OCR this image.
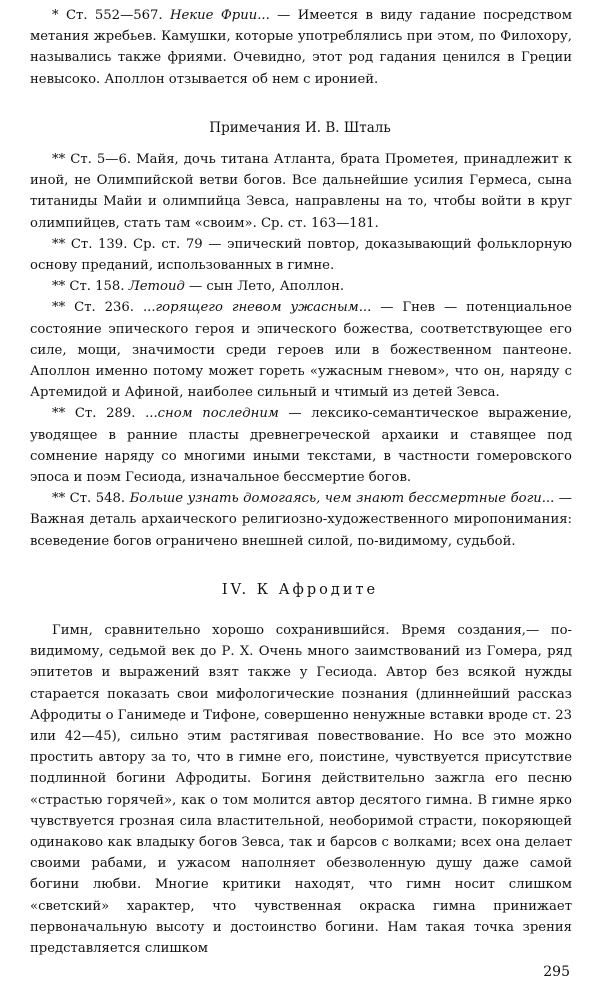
* Ст. 552—567. Некие Фрии... — Имеется в виду гадание посредством метания жребьев. Камушки, которые употреблялись при этом, по Филохору, назывались также фриями. Очевидно, этот род гадания ценился в Греции невысоко. Аполлон отзывается об нем с иронией.

Примечания И. В. Шталь

** Ст. 5—6. Майя, дочь титана Атланта, брата Прометея, принадлежит к иной, не Олимпийской ветви богов. Все дальнейшие усилия Гермеса, сына титаниды Майи и олимпийца Зевса, направлены на то, чтобы войти в круг олимпийцев, стать там «своим». Ср. ст. 163—181.

** Ст. 139. Ср. ст. 79 — эпический повтор, доказывающий фольклорную основу преданий, использованных в гимне.

** Ст. 158. Летоид — сын Лето, Аполлон.

** Ст. 236. ...горящего гневом ужасным... — Гнев — потенциальное состояние эпического героя и эпического божества, соответствующее его силе, мощи, значимости среди героев или в божественном пантеоне. Аполлон именно потому может гореть «ужасным гневом», что он, наряду с Артемидой и Афиной, наиболее сильный и чтимый из детей Зевса.

** Ст. 289. ...сном последним — лексико-семантическое выражение, уводящее в ранние пласты древнегреческой архаики и ставящее под сомнение наряду со многими иными текстами, в частности гомеровского эпоса и поэм Гесиода, изначальное бессмертие богов.

** Ст. 548. Больше узнать домогаясь, чем знают бессмертные боги... — Важная деталь архаического религиозно-художественного миропонимания: всеведение богов ограничено внешней силой, по-видимому, судьбой.

IV. К Афродите

Гимн, сравнительно хорошо сохранившийся. Время создания,— по-видимому, седьмой век до Р. Х. Очень много заимствований из Гомера, ряд эпитетов и выражений взят также у Гесиода. Автор без всякой нужды старается показать свои мифологические познания (длиннейший рассказ Афродиты о Ганимеде и Тифоне, совершенно ненужные вставки вроде ст. 23 или 42—45), сильно этим растягивая повествование. Но все это можно простить автору за то, что в гимне его, поистине, чувствуется присутствие подлинной богини Афродиты. Богиня действительно зажгла его песню «страстью горячей», как о том молится автор десятого гимна. В гимне ярко чувствуется грозная сила властительной, необоримой страсти, покоряющей одинаково как владыку богов Зевса, так и барсов с волками; всех она делает своими рабами, и ужасом наполняет обезволенную душу даже самой богини любви. Многие критики находят, что гимн носит слишком «светский» характер, что чувственная окраска гимна принижает первоначальную высоту и достоинство богини. Нам такая точка зрения представляется слишком

295
